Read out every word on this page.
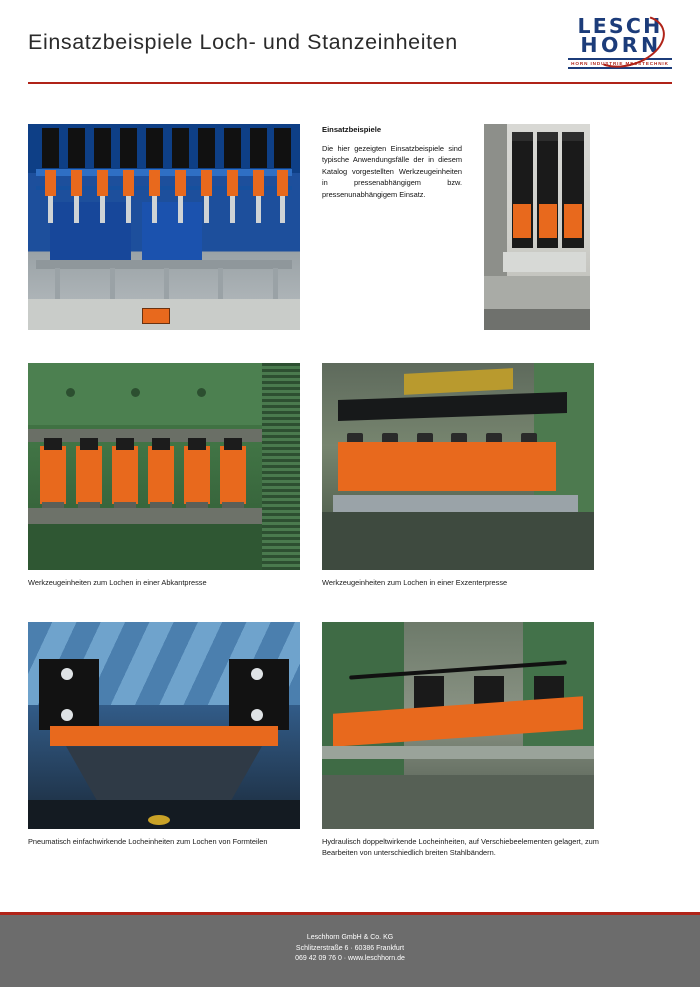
Einsatzbeispiele Loch- und Stanzeinheiten
LESCH
HORN
HORN INDUSTRIE MESSTECHNIK
Einsatzbeispiele

Die hier gezeigten Einsatzbeispiele sind typische Anwendungsfälle der in diesem Katalog vorgestellten Werkzeugeinheiten in pressenabhängigem bzw. pressenunabhängigem Einsatz.

Werkzeugeinheiten zum Lochen in einer Abkantpresse	Werkzeugeinheiten zum Lochen in einer Exzenterpresse
Pneumatisch einfachwirkende Locheinheiten zum Lochen von Formteilen	Hydraulisch doppeltwirkende Locheinheiten, auf Verschiebeelementen gelagert, zum Bearbeiten von unterschiedlich breiten Stahlbändern.
Leschhorn GmbH & Co. KG
Schlitzerstraße 6 · 60386 Frankfurt
069 42 09 76 0 · www.leschhorn.de
